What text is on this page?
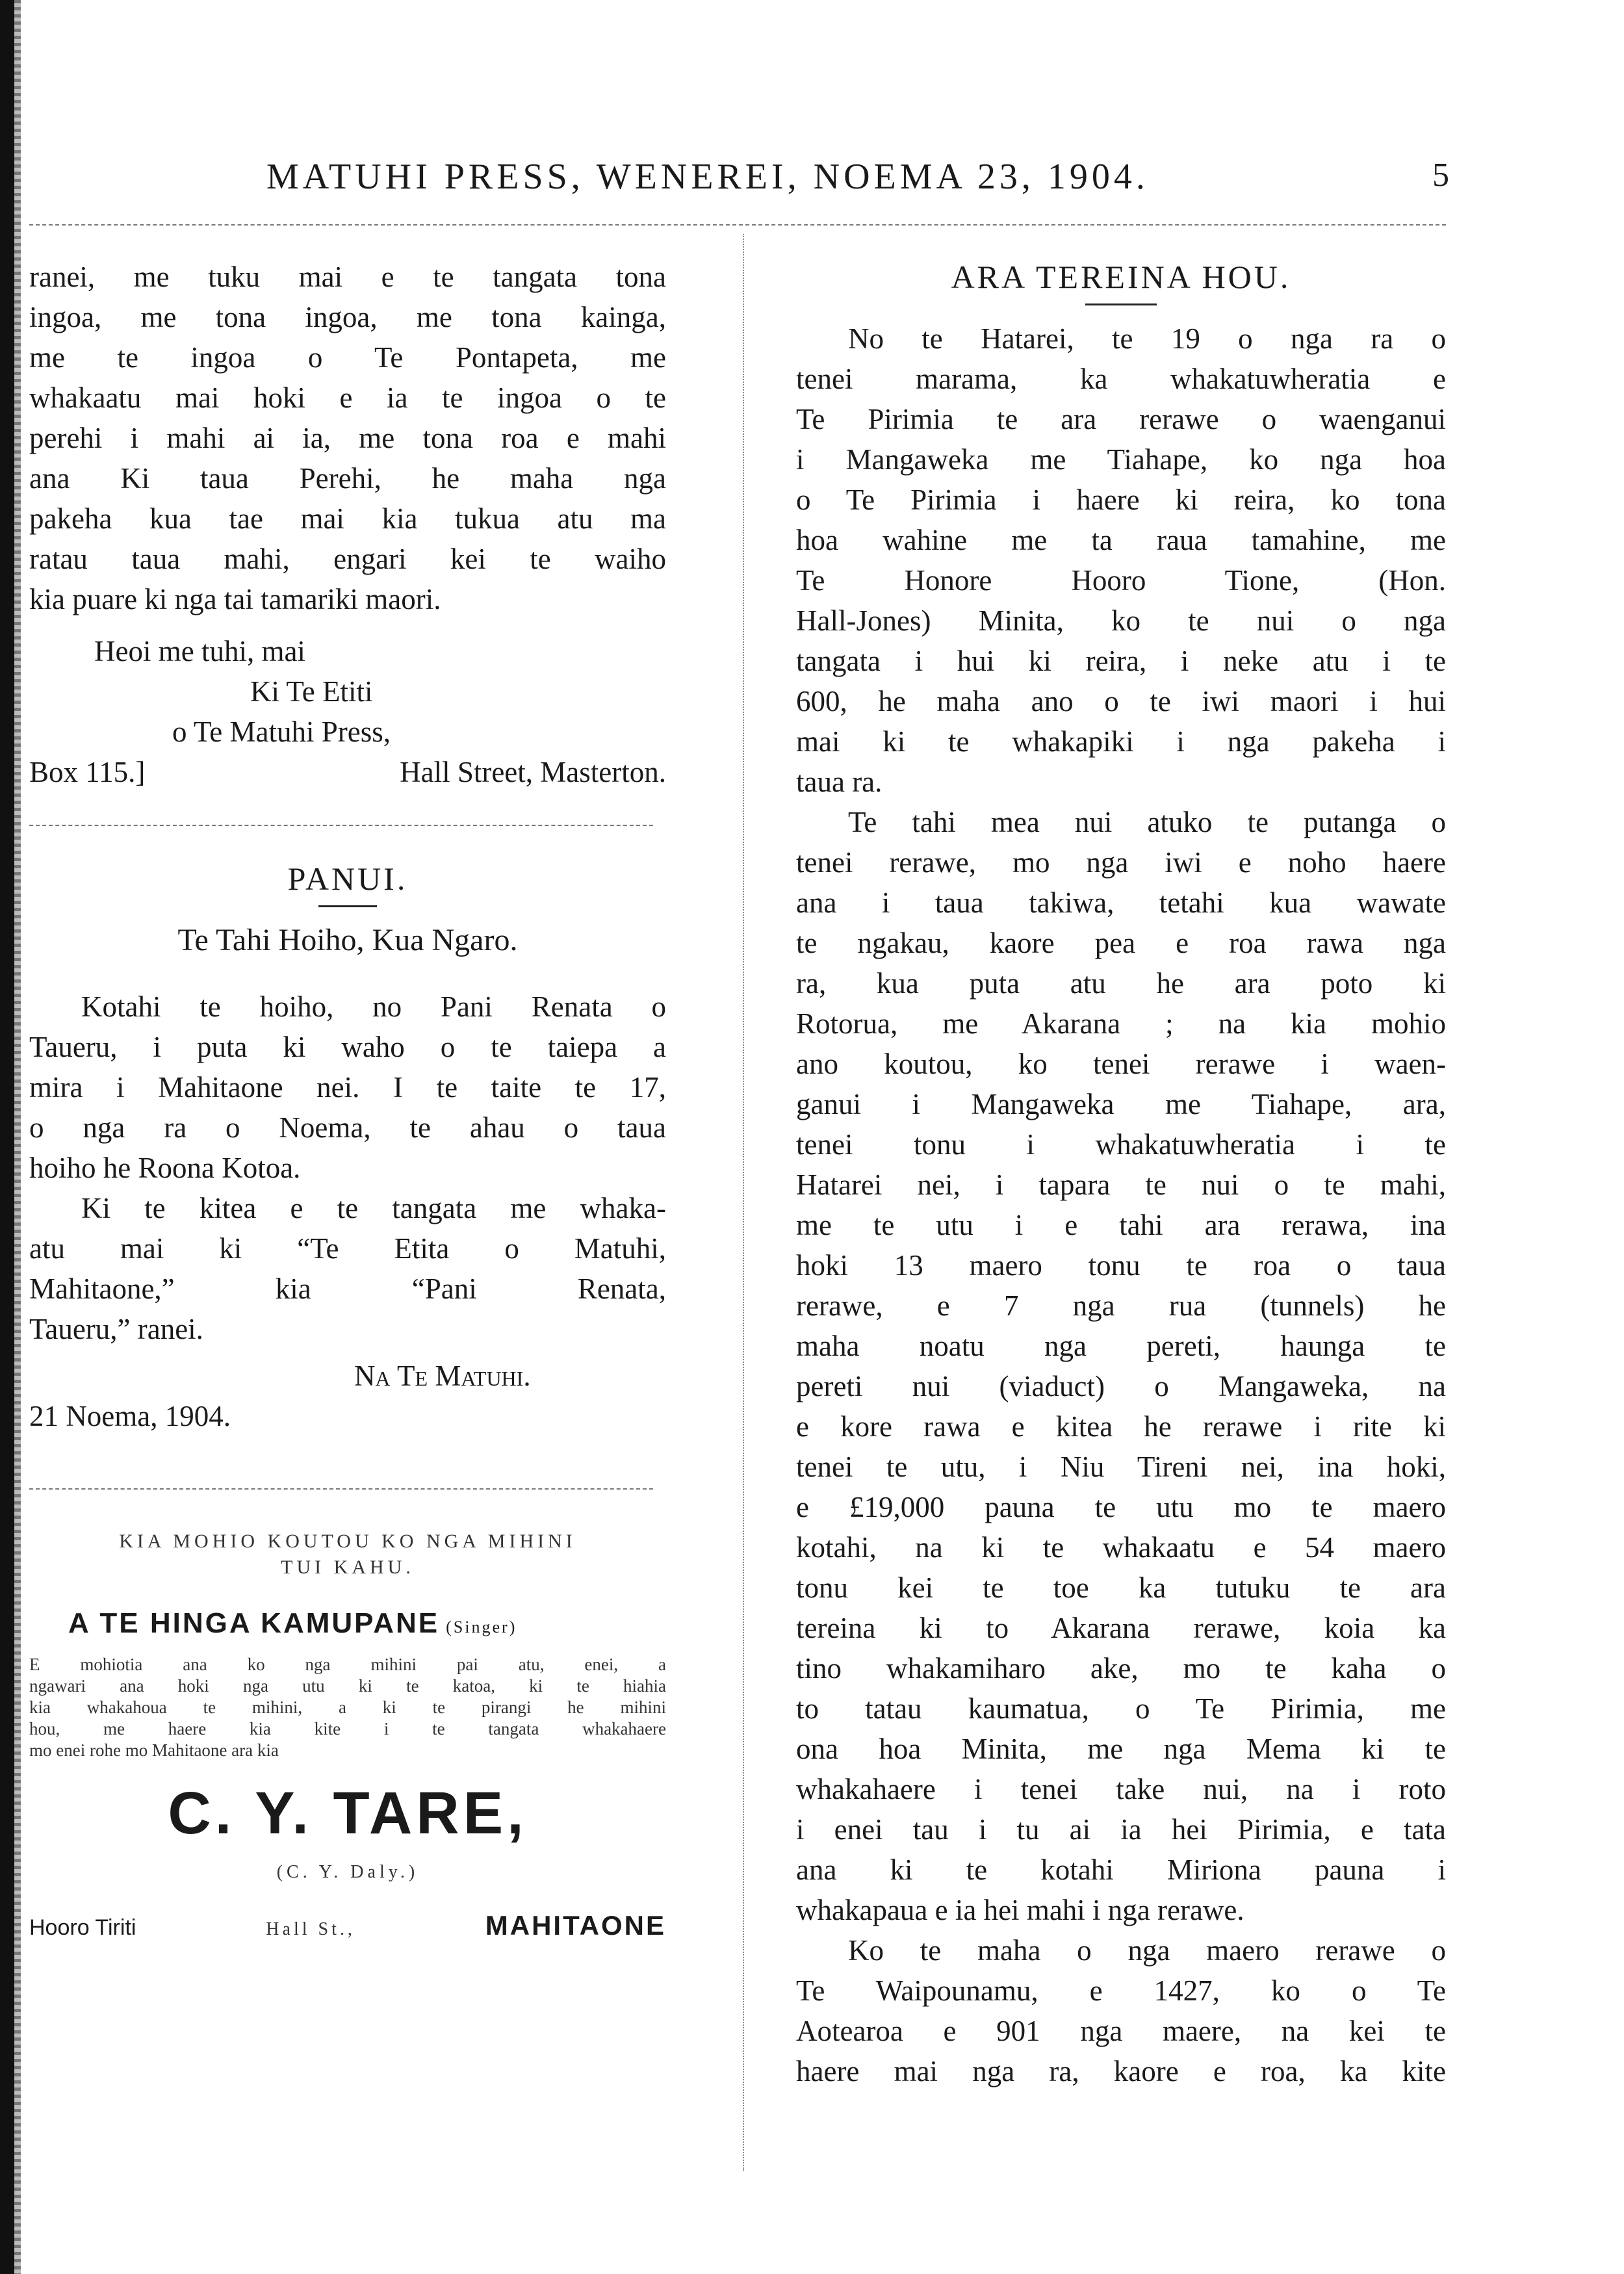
MATUHI PRESS, WENEREI, NOEMA 23, 1904.	5
ranei, me tuku mai e te tangata tona
ingoa, me tona ingoa, me tona kainga,
me te ingoa o Te Pontapeta, me
whakaatu mai hoki e ia te ingoa o te
perehi i mahi ai ia, me tona roa e mahi
ana Ki taua Perehi, he maha nga
pakeha kua tae mai kia tukua atu ma
ratau taua mahi, engari kei te waiho
kia puare ki nga tai tamariki maori.
Heoi me tuhi, mai
Ki Te Etiti
o Te Matuhi Press,
Box 115.]	Hall Street, Masterton.
PANUI.
Te Tahi Hoiho, Kua Ngaro.
Kotahi te hoiho, no Pani Renata o
Taueru, i puta ki waho o te taiepa a
mira i Mahitaone nei. I te taite te 17,
o nga ra o Noema, te ahau o taua
hoiho he Roona Kotoa.
Ki te kitea e te tangata me whaka-
atu mai ki “Te Etita o Matuhi,
Mahitaone,” kia “Pani Renata,
Taueru,” ranei.
Na Te Matuhi.
21 Noema, 1904.
KIA MOHIO KOUTOU KO NGA MIHINI
TUI KAHU.
A TE HINGA KAMUPANE (Singer)
E mohiotia ana ko nga mihini pai atu, enei, a
ngawari ana hoki nga utu ki te katoa, ki te hiahia
kia whakahoua te mihini, a ki te pirangi he mihini
hou, me haere kia kite i te tangata whakahaere
mo enei rohe mo Mahitaone ara kia
C. Y. TARE,
(C. Y. Daly.)
Hooro Tiriti	Hall St.,	MAHITAONE
ARA TEREINA HOU.
No te Hatarei, te 19 o nga ra o
tenei marama, ka whakatuwheratia e
Te Pirimia te ara rerawe o waenganui
i Mangaweka me Tiahape, ko nga hoa
o Te Pirimia i haere ki reira, ko tona
hoa wahine me ta raua tamahine, me
Te Honore Hooro Tione, (Hon.
Hall-Jones) Minita, ko te nui o nga
tangata i hui ki reira, i neke atu i te
600, he maha ano o te iwi maori i hui
mai ki te whakapiki i nga pakeha i
taua ra.
Te tahi mea nui atuko te putanga o
tenei rerawe, mo nga iwi e noho haere
ana i taua takiwa, tetahi kua wawate
te ngakau, kaore pea e roa rawa nga
ra, kua puta atu he ara poto ki
Rotorua, me Akarana ; na kia mohio
ano koutou, ko tenei rerawe i waen-
ganui i Mangaweka me Tiahape, ara,
tenei tonu i whakatuwheratia i te
Hatarei nei, i tapara te nui o te mahi,
me te utu i e tahi ara rerawa, ina
hoki 13 maero tonu te roa o taua
rerawe, e 7 nga rua (tunnels) he
maha noatu nga pereti, haunga te
pereti nui (viaduct) o Mangaweka, na
e kore rawa e kitea he rerawe i rite ki
tenei te utu, i Niu Tireni nei, ina hoki,
e £19,000 pauna te utu mo te maero
kotahi, na ki te whakaatu e 54 maero
tonu kei te toe ka tutuku te ara
tereina ki to Akarana rerawe, koia ka
tino whakamiharo ake, mo te kaha o
to tatau kaumatua, o Te Pirimia, me
ona hoa Minita, me nga Mema ki te
whakahaere i tenei take nui, na i roto
i enei tau i tu ai ia hei Pirimia, e tata
ana ki te kotahi Miriona pauna i
whakapaua e ia hei mahi i nga rerawe.
Ko te maha o nga maero rerawe o
Te Waipounamu, e 1427, ko o Te
Aotearoa e 901 nga maere, na kei te
haere mai nga ra, kaore e roa, ka kite
